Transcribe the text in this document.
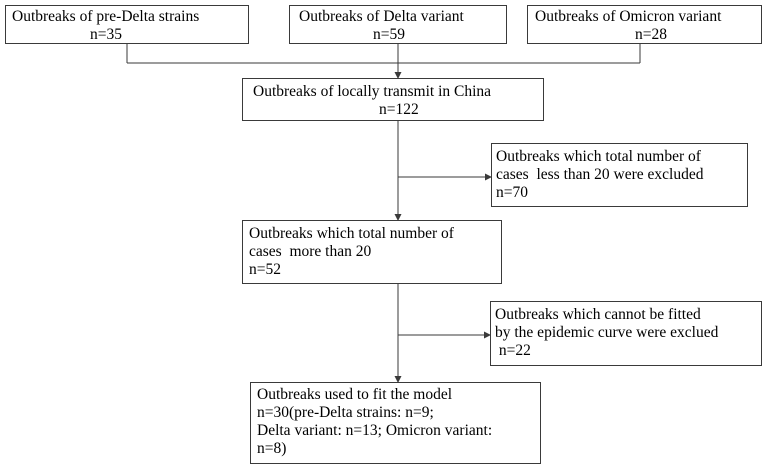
Outbreaks of pre-Delta strains
n=35
Outbreaks of Delta variant
n=59
Outbreaks of Omicron variant
n=28
Outbreaks of locally transmit in China
n=122
Outbreaks which total number of
cases  less than 20 were excluded
n=70
Outbreaks which total number of
cases  more than 20
n=52
Outbreaks which cannot be fitted
by the epidemic curve were exclued
n=22
Outbreaks used to fit the model
n=30(pre-Delta strains: n=9;
Delta variant: n=13; Omicron variant:
n=8)
